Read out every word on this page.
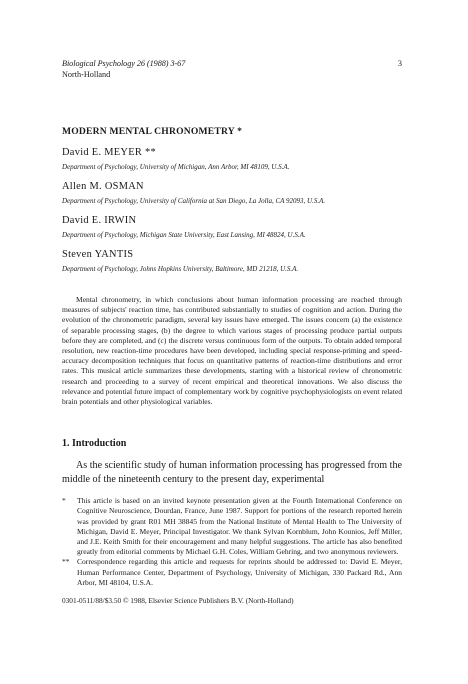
Biological Psychology 26 (1988) 3-67	3
North-Holland
MODERN MENTAL CHRONOMETRY *
David E. MEYER **
Department of Psychology, University of Michigan, Ann Arbor, MI 48109, U.S.A.
Allen M. OSMAN
Department of Psychology, University of California at San Diego, La Jolla, CA 92093, U.S.A.
David E. IRWIN
Department of Psychology, Michigan State University, East Lansing, MI 48824, U.S.A.
Steven YANTIS
Department of Psychology, Johns Hopkins University, Baltimore, MD 21218, U.S.A.

Mental chronometry, in which conclusions about human information processing are reached through measures of subjects' reaction time, has contributed substantially to studies of cognition and action. During the evolution of the chronometric paradigm, several key issues have emerged. The issues concern (a) the existence of separable processing stages, (b) the degree to which various stages of processing produce partial outputs before they are completed, and (c) the discrete versus continuous form of the outputs. To obtain added temporal resolution, new reaction-time procedures have been developed, including special response-priming and speed-accuracy decomposition techniques that focus on quantitative patterns of reaction-time distributions and error rates. This musical article summarizes these developments, starting with a historical review of chronometric research and proceeding to a survey of recent empirical and theoretical innovations. We also discuss the relevance and potential future impact of complementary work by cognitive psychophysiologists on event related brain potentials and other physiological variables.

1. Introduction

As the scientific study of human information processing has progressed from the middle of the nineteenth century to the present day, experimental

*	This article is based on an invited keynote presentation given at the Fourth International Conference on Cognitive Neuroscience, Dourdan, France, June 1987. Support for portions of the research reported herein was provided by grant R01 MH 38845 from the National Institute of Mental Health to The University of Michigan, David E. Meyer, Principal Investigator. We thank Sylvan Kornblum, John Kounios, Jeff Miller, and J.E. Keith Smith for their encouragement and many helpful suggestions. The article has also benefited greatly from editorial comments by Michael G.H. Coles, William Gehring, and two anonymous reviewers.
** Correspondence regarding this article and requests for reprints should be addressed to: David E. Meyer, Human Performance Center, Department of Psychology, University of Michigan, 330 Packard Rd., Ann Arbor, MI 48104, U.S.A.
0301-0511/88/$3.50 © 1988, Elsevier Science Publishers B.V. (North-Holland)
